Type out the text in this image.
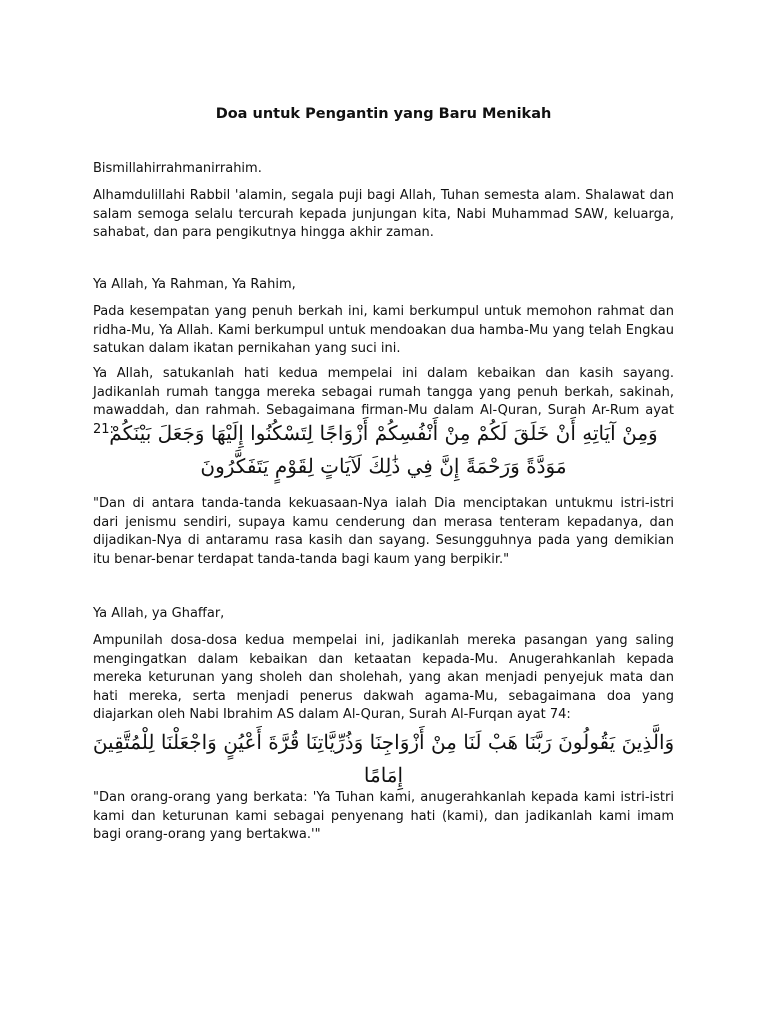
Doa untuk Pengantin yang Baru Menikah

Bismillahirrahmanirrahim.

Alhamdulillahi Rabbil 'alamin, segala puji bagi Allah, Tuhan semesta alam. Shalawat dan salam semoga selalu tercurah kepada junjungan kita, Nabi Muhammad SAW, keluarga, sahabat, dan para pengikutnya hingga akhir zaman.

Ya Allah, Ya Rahman, Ya Rahim,

Pada kesempatan yang penuh berkah ini, kami berkumpul untuk memohon rahmat dan ridha-Mu, Ya Allah. Kami berkumpul untuk mendoakan dua hamba-Mu yang telah Engkau satukan dalam ikatan pernikahan yang suci ini.

Ya Allah, satukanlah hati kedua mempelai ini dalam kebaikan dan kasih sayang. Jadikanlah rumah tangga mereka sebagai rumah tangga yang penuh berkah, sakinah, mawaddah, dan rahmah. Sebagaimana firman-Mu dalam Al-Quran, Surah Ar-Rum ayat 21:

وَمِنْ آيَاتِهِ أَنْ خَلَقَ لَكُمْ مِنْ أَنْفُسِكُمْ أَزْوَاجًا لِتَسْكُنُوا إِلَيْهَا وَجَعَلَ بَيْنَكُمْ مَوَدَّةً وَرَحْمَةً إِنَّ فِي ذَٰلِكَ لَآيَاتٍ لِقَوْمٍ يَتَفَكَّرُونَ

"Dan di antara tanda-tanda kekuasaan-Nya ialah Dia menciptakan untukmu istri-istri dari jenismu sendiri, supaya kamu cenderung dan merasa tenteram kepadanya, dan dijadikan-Nya di antaramu rasa kasih dan sayang. Sesungguhnya pada yang demikian itu benar-benar terdapat tanda-tanda bagi kaum yang berpikir."

Ya Allah, ya Ghaffar,

Ampunilah dosa-dosa kedua mempelai ini, jadikanlah mereka pasangan yang saling mengingatkan dalam kebaikan dan ketaatan kepada-Mu. Anugerahkanlah kepada mereka keturunan yang sholeh dan sholehah, yang akan menjadi penyejuk mata dan hati mereka, serta menjadi penerus dakwah agama-Mu, sebagaimana doa yang diajarkan oleh Nabi Ibrahim AS dalam Al-Quran, Surah Al-Furqan ayat 74:

وَالَّذِينَ يَقُولُونَ رَبَّنَا هَبْ لَنَا مِنْ أَزْوَاجِنَا وَذُرِّيَّاتِنَا قُرَّةَ أَعْيُنٍ وَاجْعَلْنَا لِلْمُتَّقِينَ إِمَامًا

"Dan orang-orang yang berkata: 'Ya Tuhan kami, anugerahkanlah kepada kami istri-istri kami dan keturunan kami sebagai penyenang hati (kami), dan jadikanlah kami imam bagi orang-orang yang bertakwa.'"
